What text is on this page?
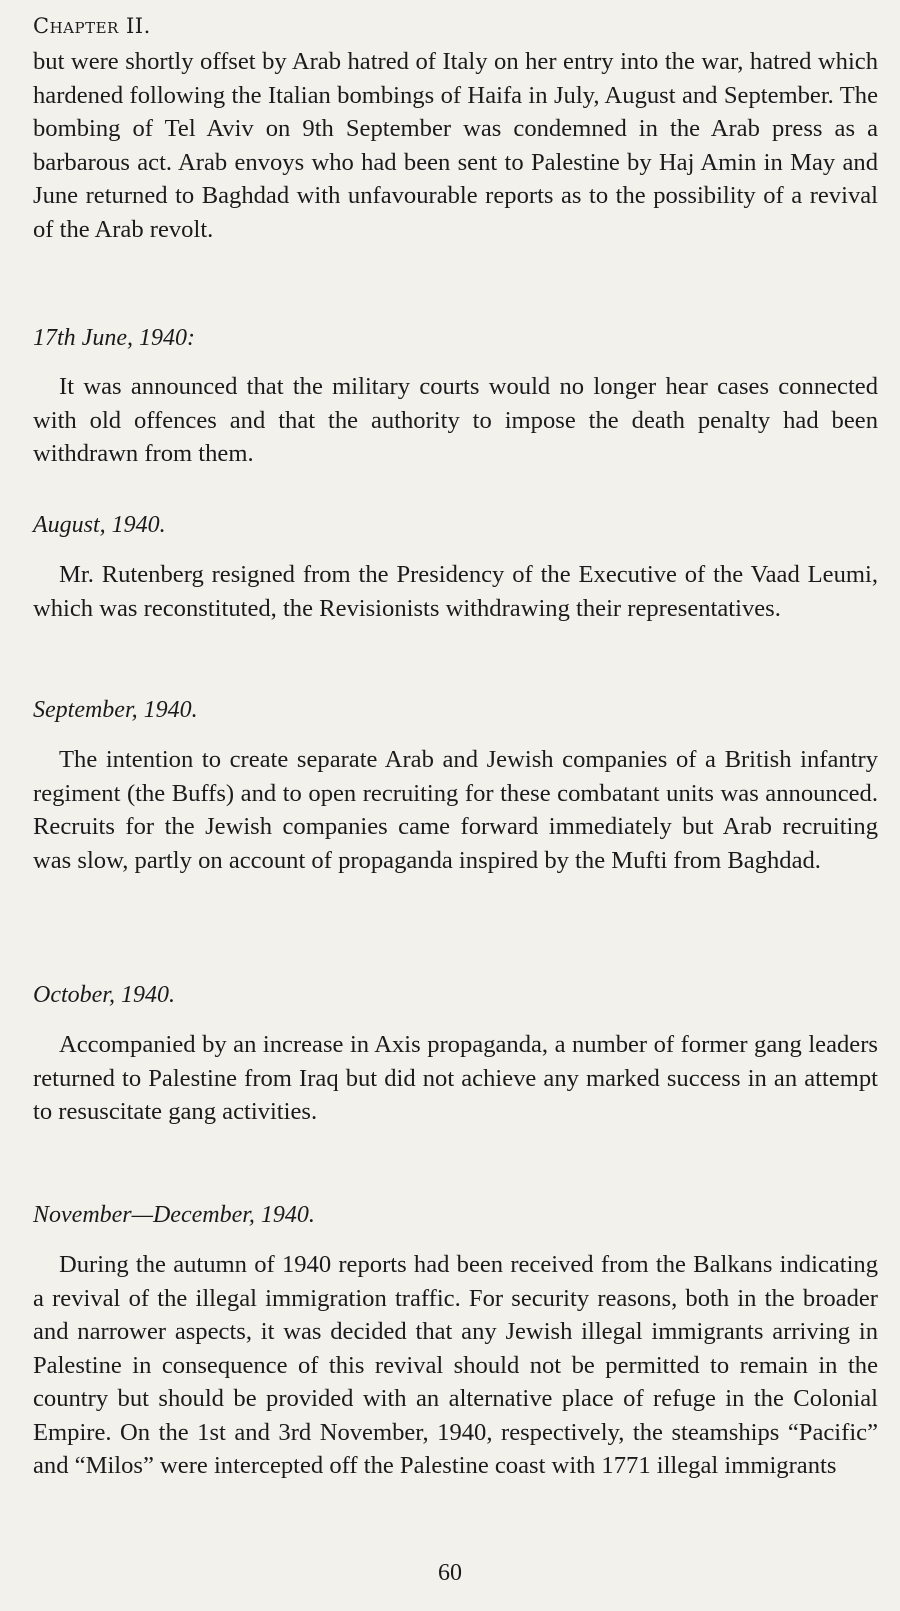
Chapter II.
but were shortly offset by Arab hatred of Italy on her entry into the war, hatred which hardened following the Italian bombings of Haifa in July, August and September. The bombing of Tel Aviv on 9th September was condemned in the Arab press as a barbarous act. Arab envoys who had been sent to Palestine by Haj Amin in May and June returned to Baghdad with unfavourable reports as to the possibility of a revival of the Arab revolt.
17th June, 1940:
It was announced that the military courts would no longer hear cases connected with old offences and that the authority to impose the death penalty had been withdrawn from them.
August, 1940.
Mr. Rutenberg resigned from the Presidency of the Executive of the Vaad Leumi, which was reconstituted, the Revisionists withdrawing their representatives.
September, 1940.
The intention to create separate Arab and Jewish companies of a British infantry regiment (the Buffs) and to open recruiting for these combatant units was announced. Recruits for the Jewish companies came forward immediately but Arab recruiting was slow, partly on account of propaganda inspired by the Mufti from Baghdad.
October, 1940.
Accompanied by an increase in Axis propaganda, a number of former gang leaders returned to Palestine from Iraq but did not achieve any marked success in an attempt to resuscitate gang activities.
November—December, 1940.
During the autumn of 1940 reports had been received from the Balkans indicating a revival of the illegal immigration traffic. For security reasons, both in the broader and narrower aspects, it was decided that any Jewish illegal immigrants arriving in Palestine in consequence of this revival should not be permitted to remain in the country but should be provided with an alternative place of refuge in the Colonial Empire. On the 1st and 3rd November, 1940, respectively, the steamships “Pacific” and “Milos” were intercepted off the Palestine coast with 1771 illegal immigrants
60
